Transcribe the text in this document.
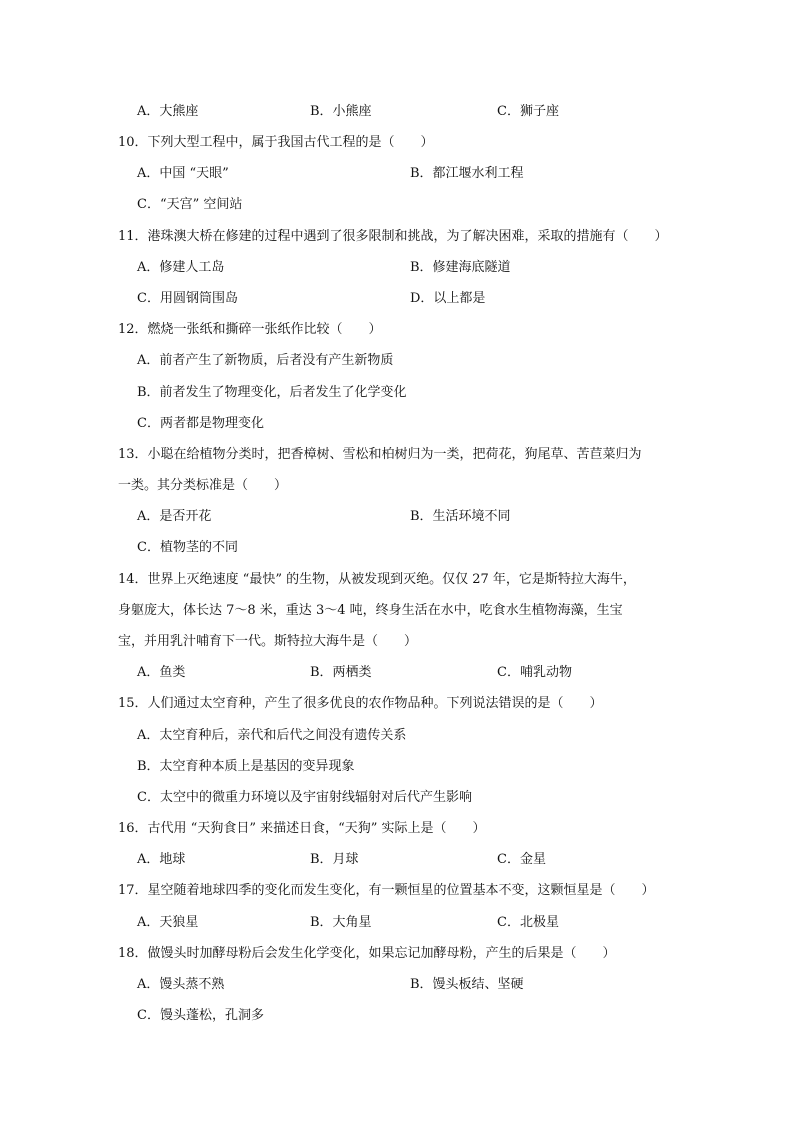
A．大熊座	B．小熊座	C．狮子座
10．下列大型工程中，属于我国古代工程的是（　　）
A．中国 “天眼”	B．都江堰水利工程
C．“天宫” 空间站
11．港珠澳大桥在修建的过程中遇到了很多限制和挑战，为了解决困难，采取的措施有（　　）
A．修建人工岛	B．修建海底隧道
C．用圆钢筒围岛	D．以上都是
12．燃烧一张纸和撕碎一张纸作比较（　　）
A．前者产生了新物质，后者没有产生新物质
B．前者发生了物理变化，后者发生了化学变化
C．两者都是物理变化
13．小聪在给植物分类时，把香樟树、雪松和柏树归为一类，把荷花，狗尾草、苦苣菜归为
一类。其分类标准是（　　）
A．是否开花	B．生活环境不同
C．植物茎的不同
14．世界上灭绝速度 “最快” 的生物，从被发现到灭绝。仅仅 27 年，它是斯特拉大海牛，
身躯庞大，体长达 7～8 米，重达 3～4 吨，终身生活在水中，吃食水生植物海藻，生宝
宝，并用乳汁哺育下一代。斯特拉大海牛是（　　）
A．鱼类	B．两栖类	C．哺乳动物
15．人们通过太空育种，产生了很多优良的农作物品种。下列说法错误的是（　　）
A．太空育种后，亲代和后代之间没有遗传关系
B．太空育种本质上是基因的变异现象
C．太空中的微重力环境以及宇宙射线辐射对后代产生影响
16．古代用 “天狗食日” 来描述日食，“天狗” 实际上是（　　）
A．地球	B．月球	C．金星
17．星空随着地球四季的变化而发生变化，有一颗恒星的位置基本不变，这颗恒星是（　　）
A．天狼星	B．大角星	C．北极星
18．做馒头时加酵母粉后会发生化学变化，如果忘记加酵母粉，产生的后果是（　　）
A．馒头蒸不熟	B．馒头板结、坚硬
C．馒头蓬松，孔洞多
